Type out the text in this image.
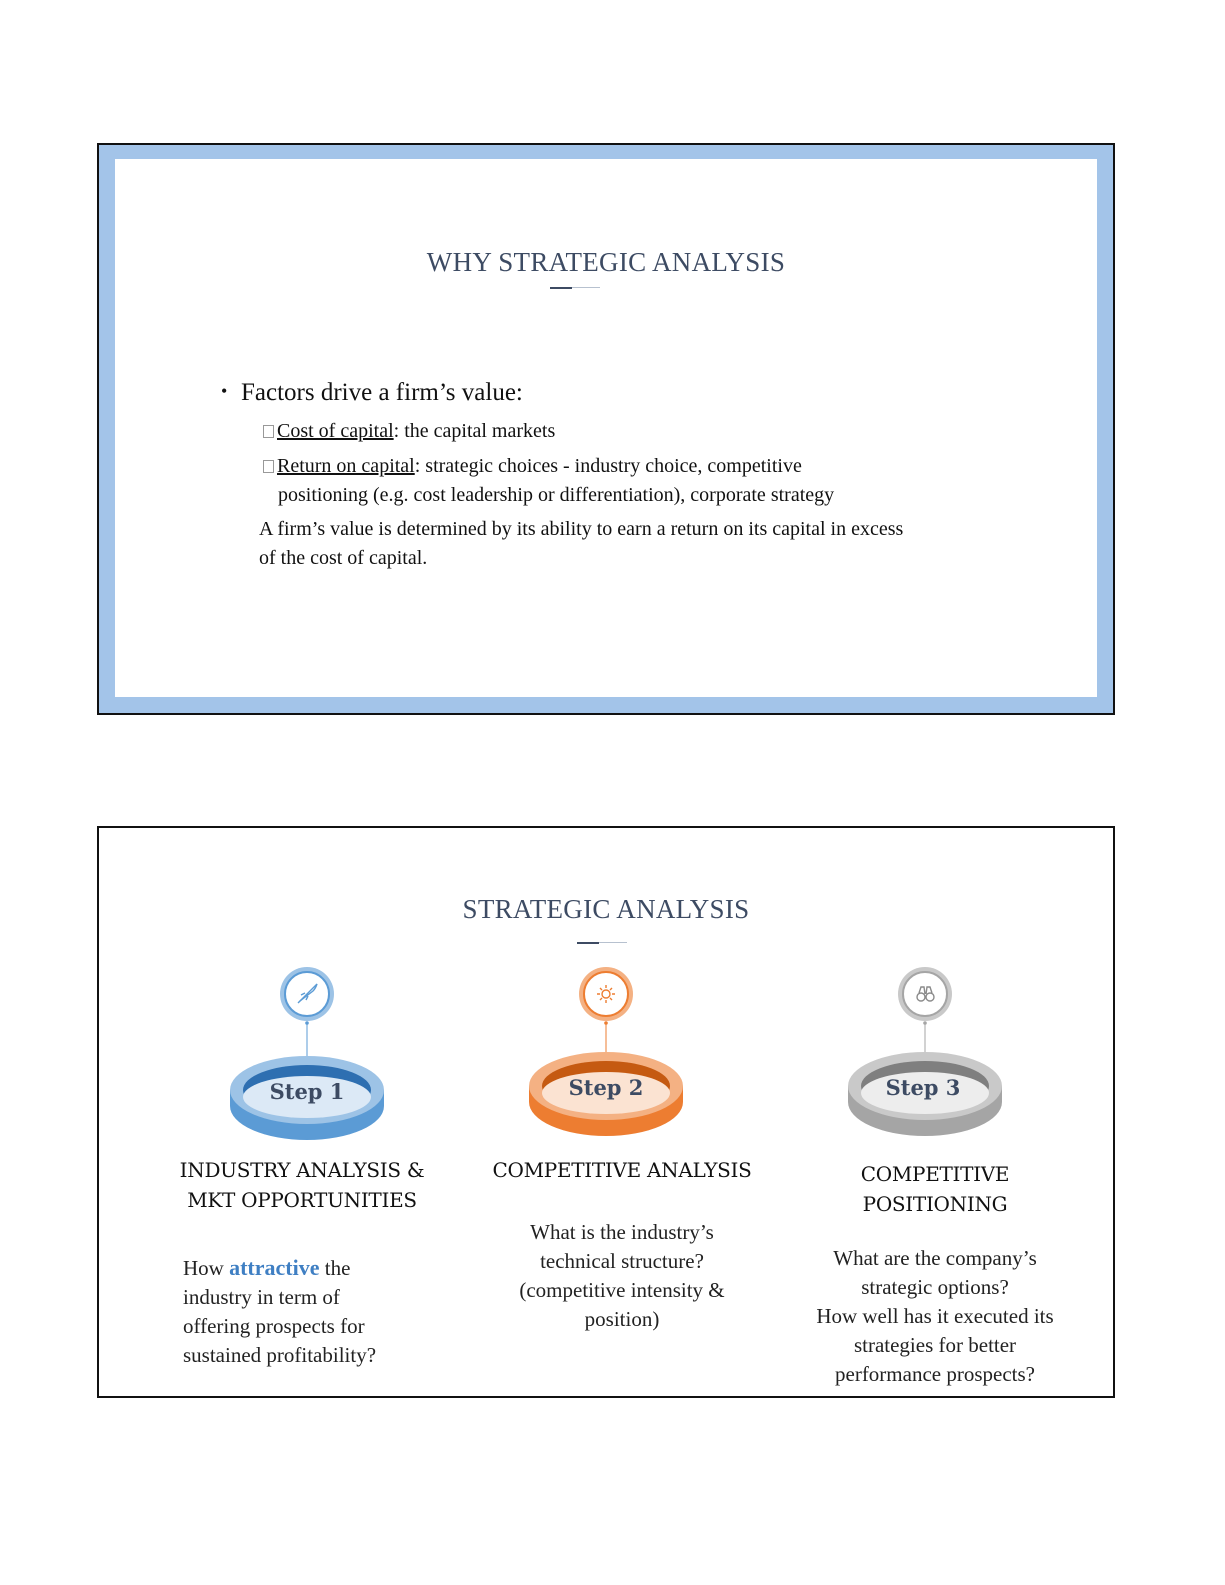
WHY STRATEGIC ANALYSIS
• Factors drive a firm’s value:
Cost of capital: the capital markets
Return on capital: strategic choices - industry choice, competitive
positioning (e.g. cost leadership or differentiation), corporate strategy
A firm’s value is determined by its ability to earn a return on its capital in excess
of the cost of capital.
STRATEGIC ANALYSIS
Step 1
INDUSTRY ANALYSIS &
MKT OPPORTUNITIES
How attractive the
industry in term of
offering prospects for
sustained profitability?
Step 2
COMPETITIVE ANALYSIS
What is the industry’s
technical structure?
(competitive intensity &
position)
Step 3
COMPETITIVE
POSITIONING
What are the company’s
strategic options?
How well has it executed its
strategies for better
performance prospects?
